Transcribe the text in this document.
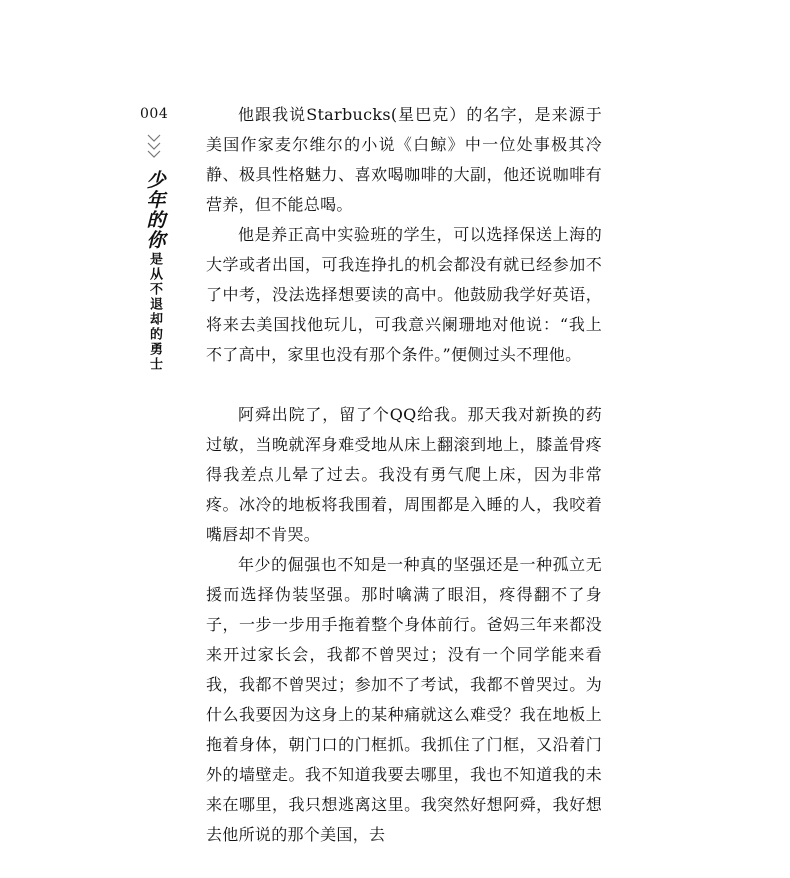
004
少年的你
是从不退却的勇士

他跟我说Starbucks(星巴克）的名字，是来源于美国作家麦尔维尔的小说《白鲸》中一位处事极其冷静、极具性格魅力、喜欢喝咖啡的大副，他还说咖啡有营养，但不能总喝。

他是养正高中实验班的学生，可以选择保送上海的大学或者出国，可我连挣扎的机会都没有就已经参加不了中考，没法选择想要读的高中。他鼓励我学好英语，将来去美国找他玩儿，可我意兴阑珊地对他说：“我上不了高中，家里也没有那个条件。”便侧过头不理他。

阿舜出院了，留了个QQ给我。那天我对新换的药过敏，当晚就浑身难受地从床上翻滚到地上，膝盖骨疼得我差点儿晕了过去。我没有勇气爬上床，因为非常疼。冰冷的地板将我围着，周围都是入睡的人，我咬着嘴唇却不肯哭。

年少的倔强也不知是一种真的坚强还是一种孤立无援而选择伪装坚强。那时噙满了眼泪，疼得翻不了身子，一步一步用手拖着整个身体前行。爸妈三年来都没来开过家长会，我都不曾哭过；没有一个同学能来看我，我都不曾哭过；参加不了考试，我都不曾哭过。为什么我要因为这身上的某种痛就这么难受？我在地板上拖着身体，朝门口的门框抓。我抓住了门框，又沿着门外的墙壁走。我不知道我要去哪里，我也不知道我的未来在哪里，我只想逃离这里。我突然好想阿舜，我好想去他所说的那个美国，去
